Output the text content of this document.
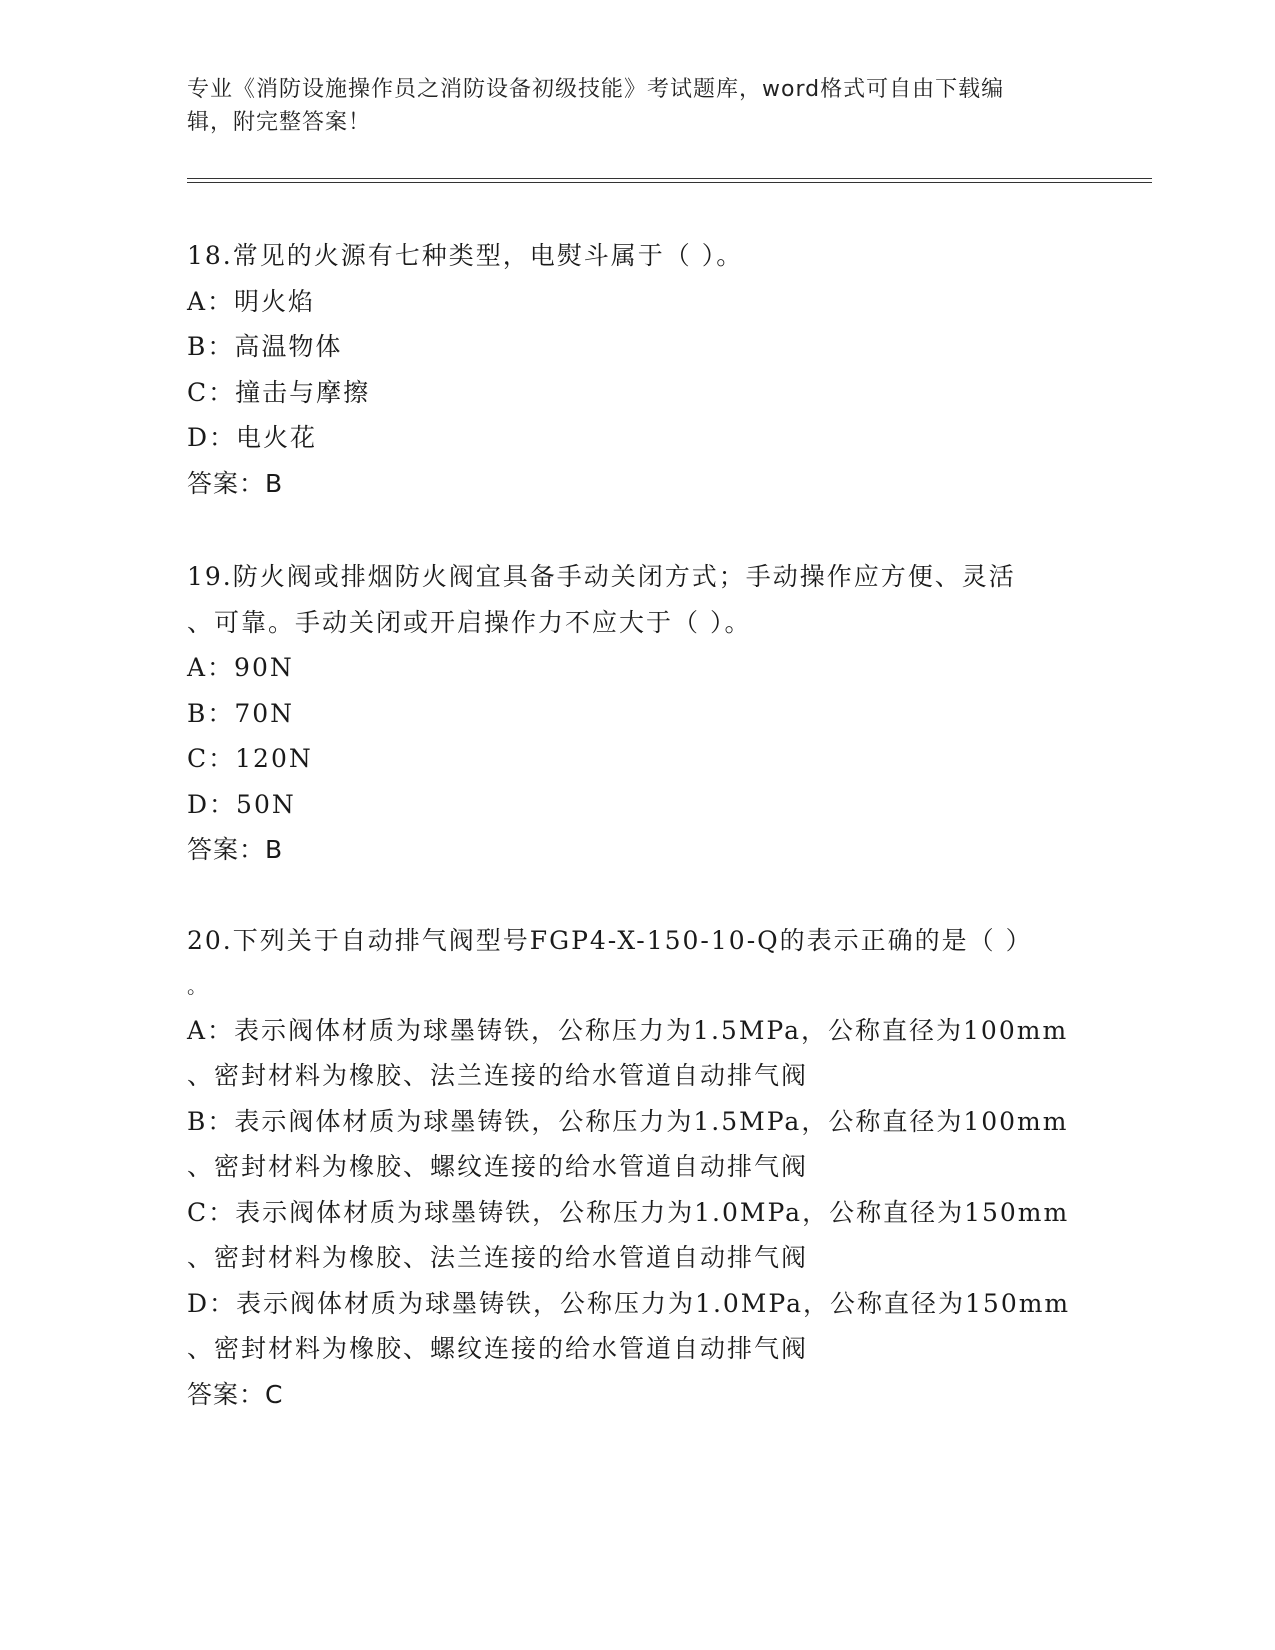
专业《消防设施操作员之消防设备初级技能》考试题库，word格式可自由下载编
辑，附完整答案！
18.常见的火源有七种类型，电熨斗属于（ ）。
A：明火焰
B：高温物体
C：撞击与摩擦
D：电火花
答案：B
19.防火阀或排烟防火阀宜具备手动关闭方式；手动操作应方便、灵活
、可靠。手动关闭或开启操作力不应大于（ ）。
A：90N
B：70N
C：120N
D：50N
答案：B
20.下列关于自动排气阀型号FGP4-X-150-10-Q的表示正确的是（ ）
。
A：表示阀体材质为球墨铸铁，公称压力为1.5MPa，公称直径为100mm
、密封材料为橡胶、法兰连接的给水管道自动排气阀
B：表示阀体材质为球墨铸铁，公称压力为1.5MPa，公称直径为100mm
、密封材料为橡胶、螺纹连接的给水管道自动排气阀
C：表示阀体材质为球墨铸铁，公称压力为1.0MPa，公称直径为150mm
、密封材料为橡胶、法兰连接的给水管道自动排气阀
D：表示阀体材质为球墨铸铁，公称压力为1.0MPa，公称直径为150mm
、密封材料为橡胶、螺纹连接的给水管道自动排气阀
答案：C
